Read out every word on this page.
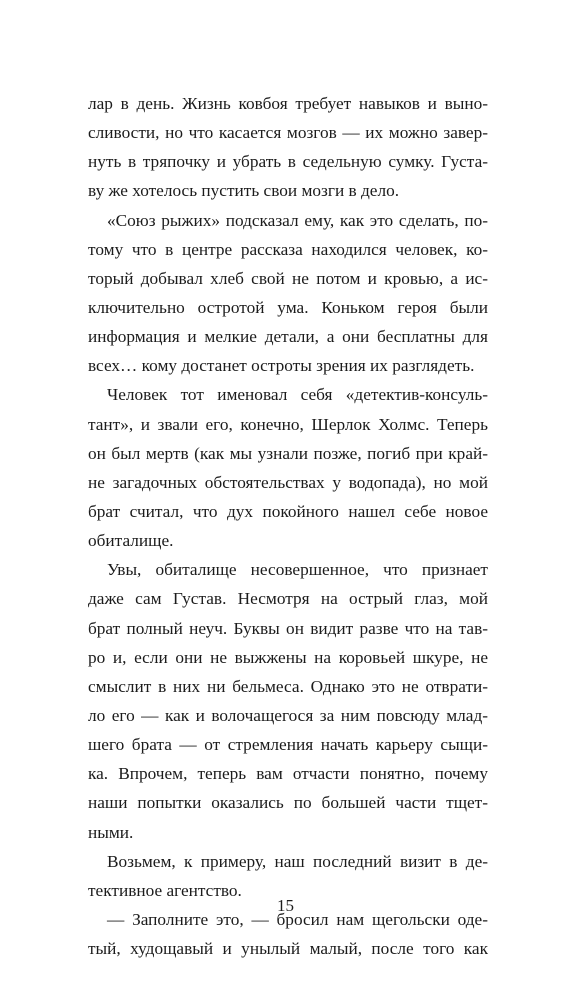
лар в день. Жизнь ковбоя требует навыков и выно-
сливости, но что касается мозгов — их можно завер-
нуть в тряпочку и убрать в седельную сумку. Густа-
ву же хотелось пустить свои мозги в дело.
«Союз рыжих» подсказал ему, как это сделать, по-
тому что в центре рассказа находился человек, ко-
торый добывал хлеб свой не потом и кровью, а ис-
ключительно остротой ума. Коньком героя были
информация и мелкие детали, а они бесплатны для
всех… кому достанет остроты зрения их разглядеть.
Человек тот именовал себя «детектив-консуль-
тант», и звали его, конечно, Шерлок Холмс. Теперь
он был мертв (как мы узнали позже, погиб при край-
не загадочных обстоятельствах у водопада), но мой
брат считал, что дух покойного нашел себе новое
обиталище.
Увы, обиталище несовершенное, что признает
даже сам Густав. Несмотря на острый глаз, мой
брат полный неуч. Буквы он видит разве что на тав-
ро и, если они не выжжены на коровьей шкуре, не
смыслит в них ни бельмеса. Однако это не отврати-
ло его — как и волочащегося за ним повсюду млад-
шего брата — от стремления начать карьеру сыщи-
ка. Впрочем, теперь вам отчасти понятно, почему
наши попытки оказались по большей части тщет-
ными.
Возьмем, к примеру, наш последний визит в де-
тективное агентство.
— Заполните это, — бросил нам щегольски оде-
тый, худощавый и унылый малый, после того как
15
